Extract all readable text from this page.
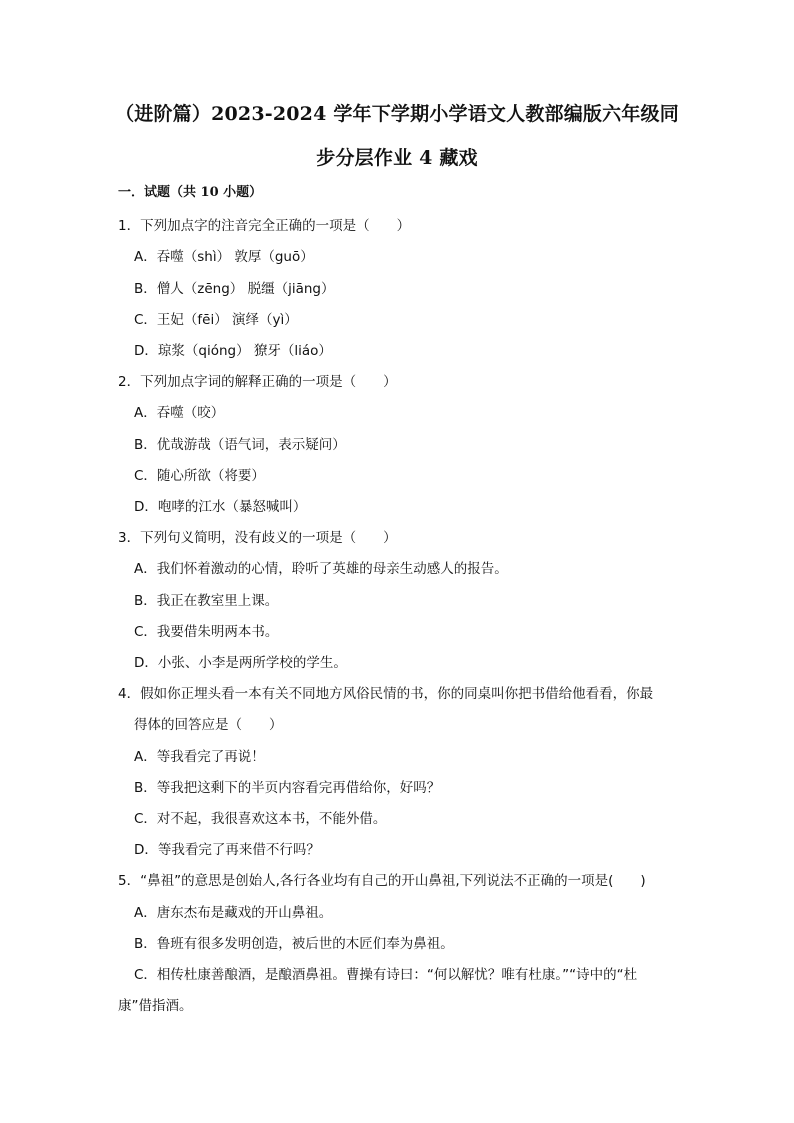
（进阶篇）2023-2024 学年下学期小学语文人教部编版六年级同
步分层作业 4 藏戏
一．试题（共 10 小题）
1．下列加点字的注音完全正确的一项是（　　）
A．吞噬（shì） 敦厚（guō）
B．僧人（zēng） 脱缰（jiāng）
C．王妃（fēi） 演绎（yì）
D．琼浆（qióng） 獠牙（liáo）
2．下列加点字词的解释正确的一项是（　　）
A．吞噬（咬）
B．优哉游哉（语气词，表示疑问）
C．随心所欲（将要）
D．咆哮的江水（暴怒喊叫）
3．下列句义简明，没有歧义的一项是（　　）
A．我们怀着激动的心情，聆听了英雄的母亲生动感人的报告。
B．我正在教室里上课。
C．我要借朱明两本书。
D．小张、小李是两所学校的学生。
4．假如你正埋头看一本有关不同地方风俗民情的书，你的同桌叫你把书借给他看看，你最
得体的回答应是（　　）
A．等我看完了再说！
B．等我把这剩下的半页内容看完再借给你，好吗？
C．对不起，我很喜欢这本书，不能外借。
D．等我看完了再来借不行吗？
5．“鼻祖”的意思是创始人,各行各业均有自己的开山鼻祖,下列说法不正确的一项是(　　)
A．唐东杰布是藏戏的开山鼻祖。
B．鲁班有很多发明创造，被后世的木匠们奉为鼻祖。
C．相传杜康善酿酒，是酿酒鼻祖。曹操有诗曰：“何以解忧？唯有杜康。”“诗中的“杜
康”借指酒。
